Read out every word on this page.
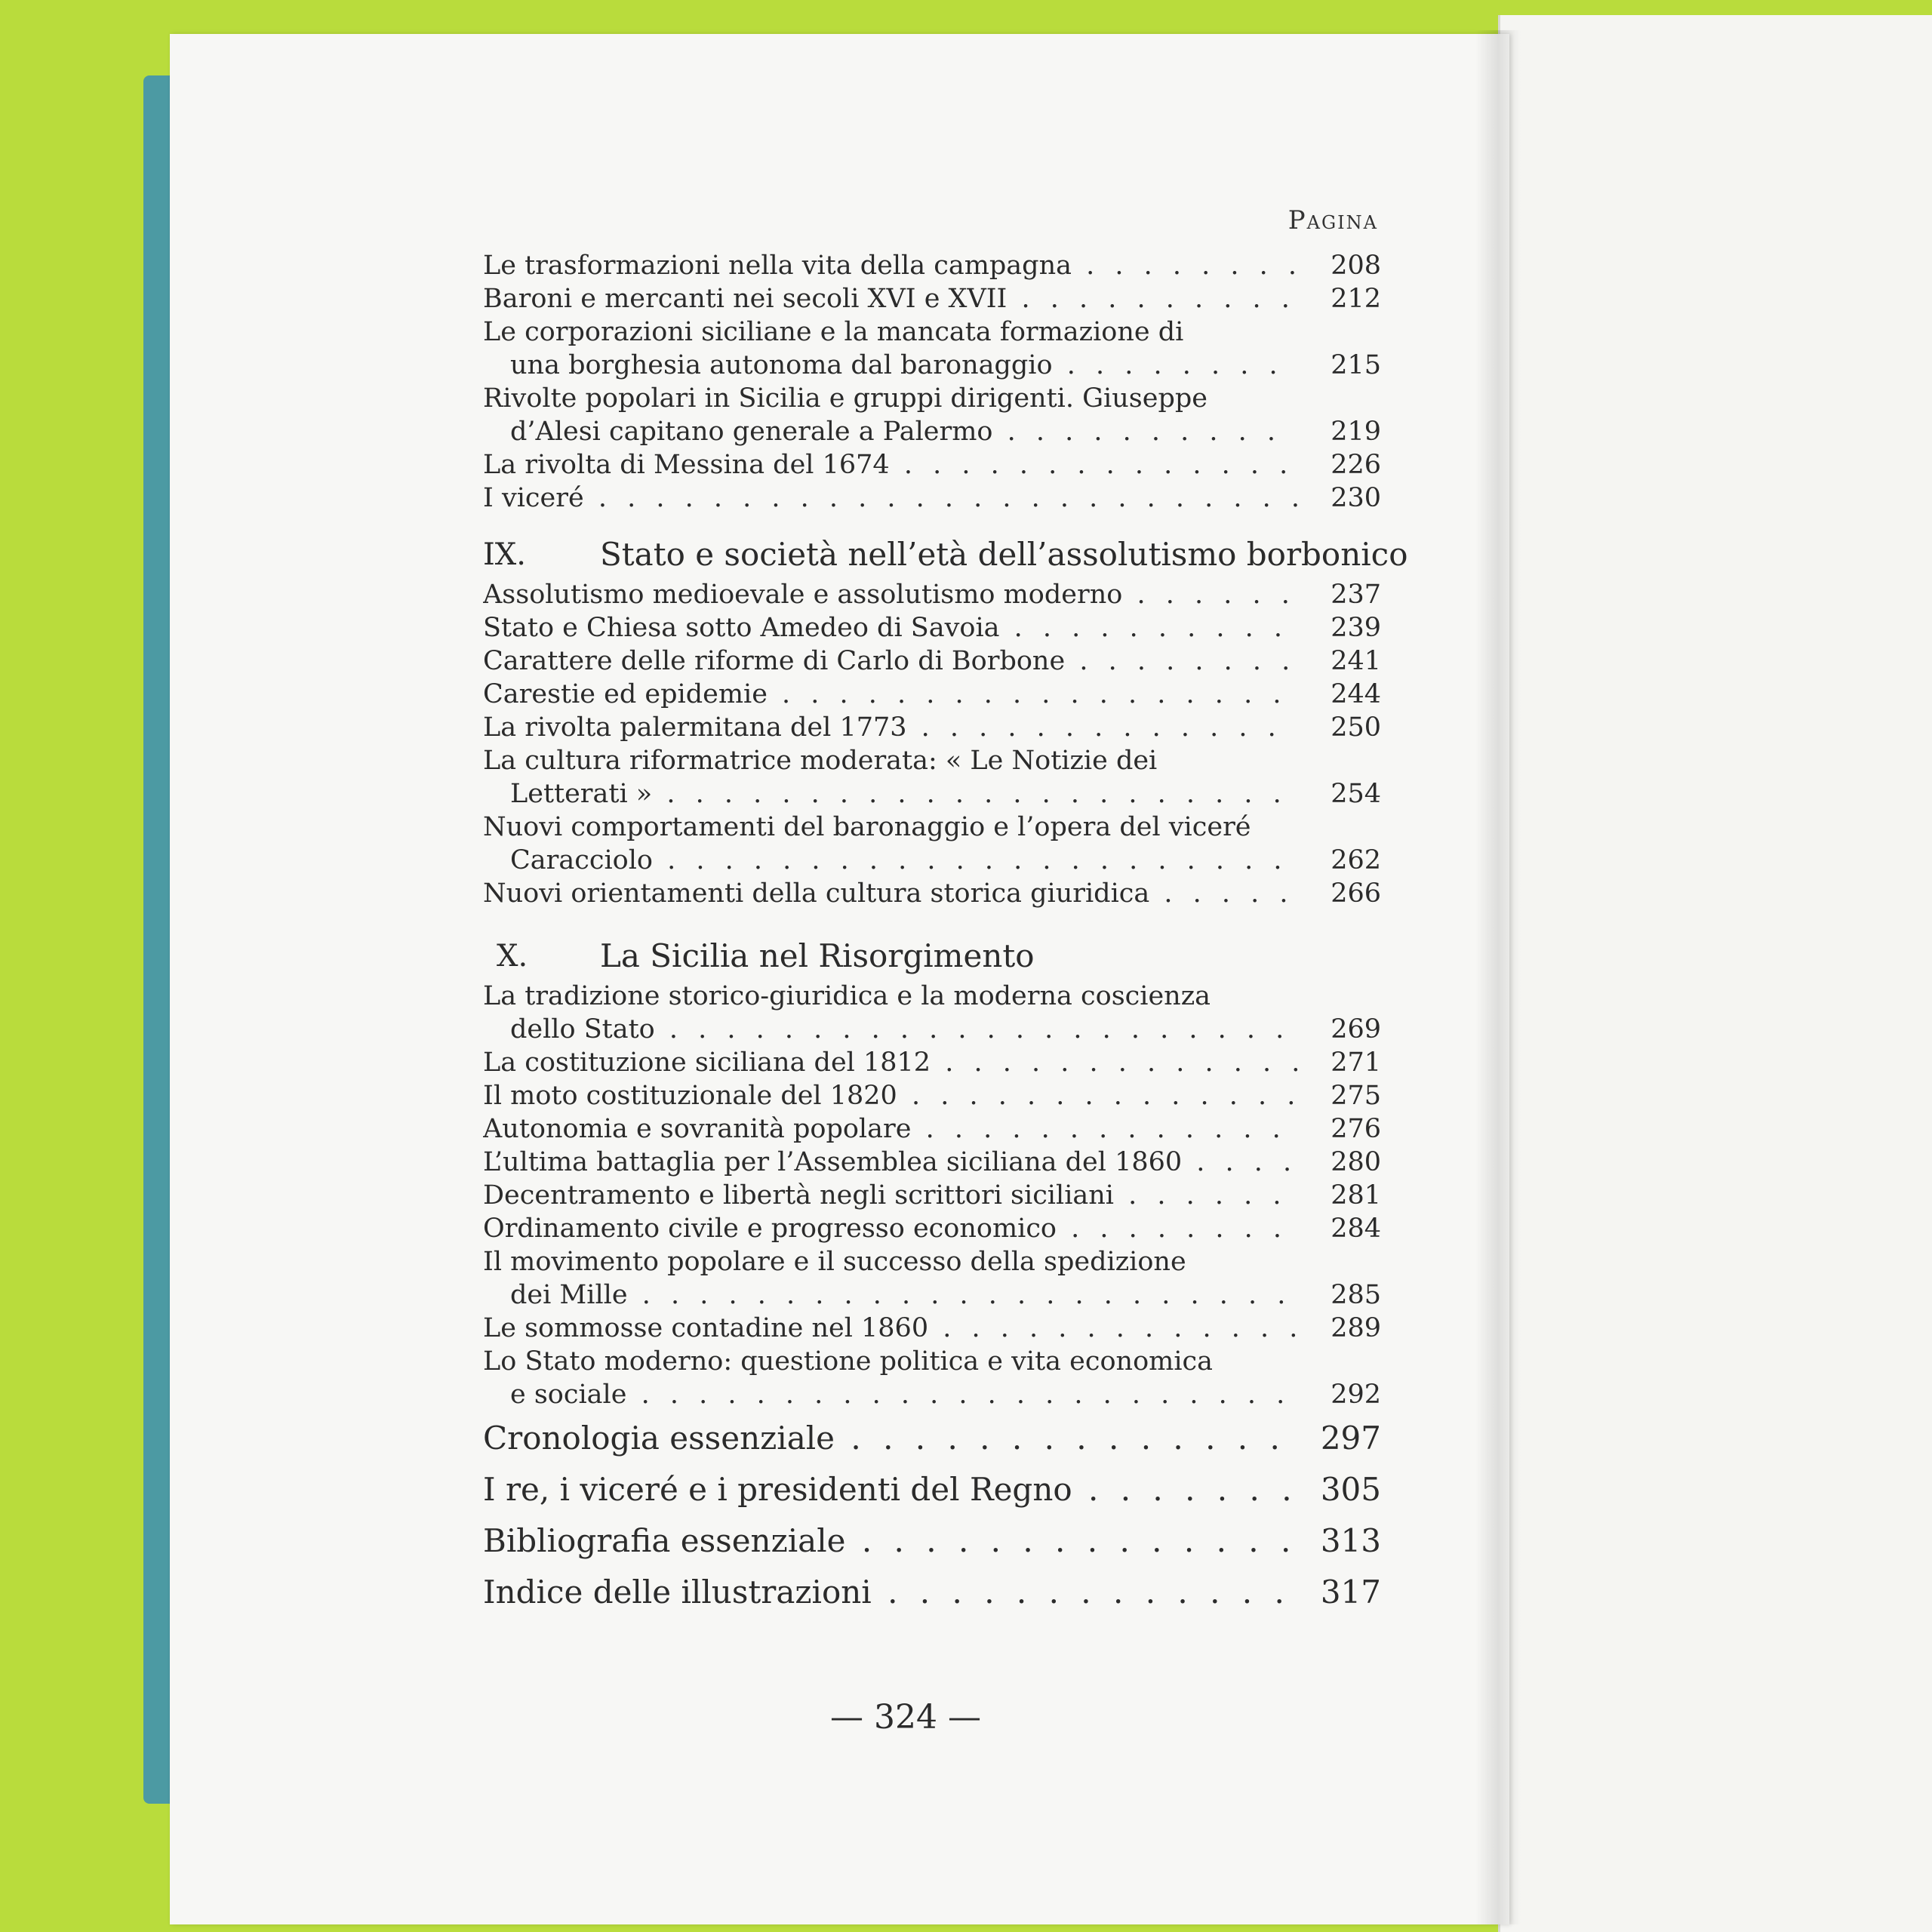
Pagina
Le trasformazioni nella vita della campagna . . .	208
Baroni e mercanti nei secoli XVI e XVII . . .	212
Le corporazioni siciliane e la mancata formazione di
una borghesia autonoma dal baronaggio . . .	215
Rivolte popolari in Sicilia e gruppi dirigenti. Giuseppe
d’Alesi capitano generale a Palermo . . .	219
La rivolta di Messina del 1674 . . .	226
I viceré . . .	230
IX. Stato e società nell’età dell’assolutismo borbonico
Assolutismo medioevale e assolutismo moderno . . .	237
Stato e Chiesa sotto Amedeo di Savoia . . .	239
Carattere delle riforme di Carlo di Borbone . . .	241
Carestie ed epidemie . . .	244
La rivolta palermitana del 1773 . . .	250
La cultura riformatrice moderata: « Le Notizie dei
Letterati » . . .	254
Nuovi comportamenti del baronaggio e l’opera del viceré
Caracciolo . . .	262
Nuovi orientamenti della cultura storica giuridica . . .	266
X. La Sicilia nel Risorgimento
La tradizione storico-giuridica e la moderna coscienza
dello Stato . . .	269
La costituzione siciliana del 1812 . . .	271
Il moto costituzionale del 1820 . . .	275
Autonomia e sovranità popolare . . .	276
L’ultima battaglia per l’Assemblea siciliana del 1860 . . .	280
Decentramento e libertà negli scrittori siciliani . . .	281
Ordinamento civile e progresso economico . . .	284
Il movimento popolare e il successo della spedizione
dei Mille . . .	285
Le sommosse contadine nel 1860 . . .	289
Lo Stato moderno: questione politica e vita economica
e sociale . . .	292
Cronologia essenziale . . .	297
I re, i viceré e i presidenti del Regno . . .	305
Bibliografia essenziale . . .	313
Indice delle illustrazioni . . .	317
— 324 —
